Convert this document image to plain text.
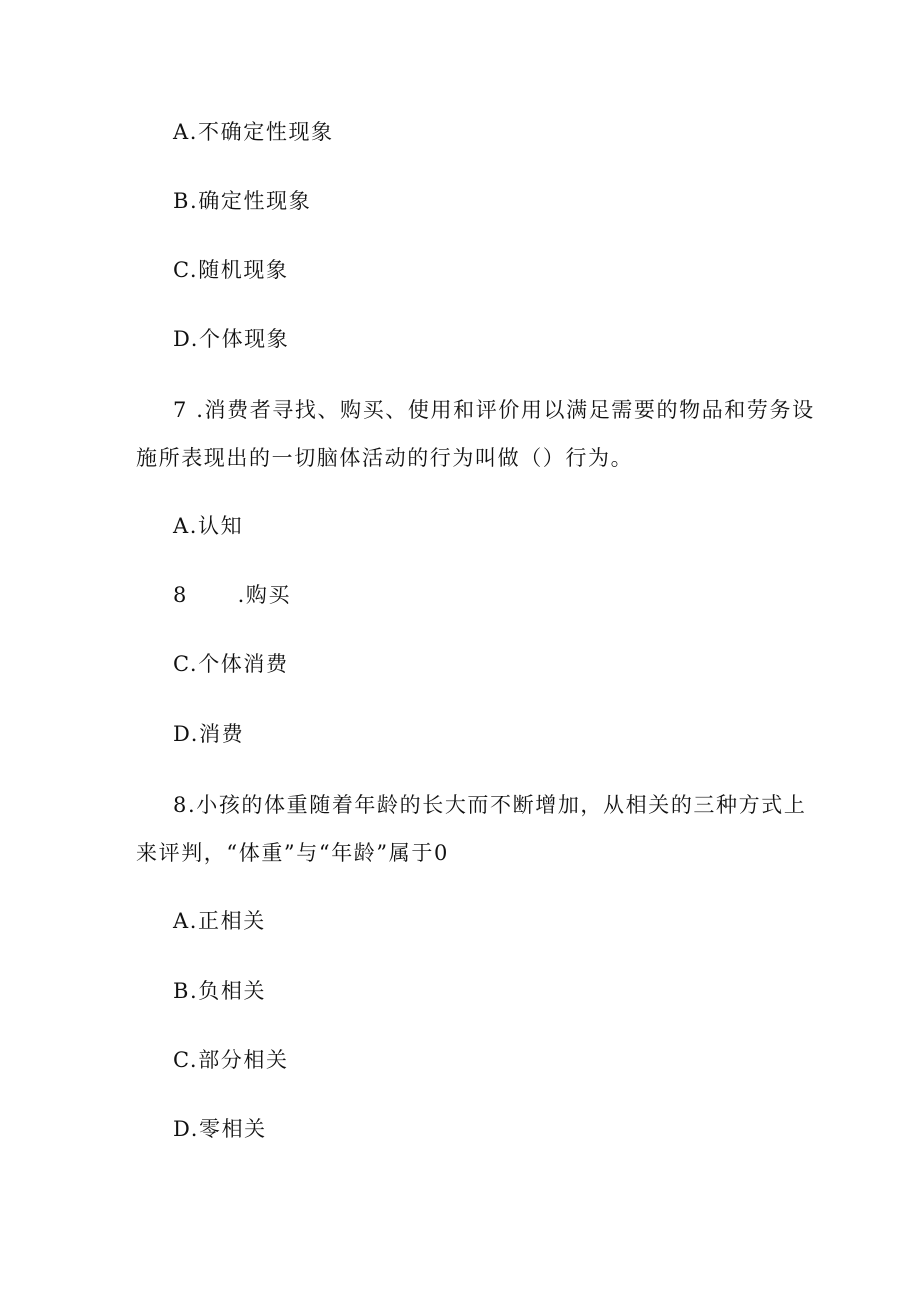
A.不确定性现象
B.确定性现象
C.随机现象
D.个体现象
7 .消费者寻找、购买、使用和评价用以满足需要的物品和劳务设
施所表现出的一切脑体活动的行为叫做（）行为。
A.认知
8      .购买
C.个体消费
D.消费
8.小孩的体重随着年龄的长大而不断增加，从相关的三种方式上
来评判，“体重”与“年龄”属于0
A.正相关
B.负相关
C.部分相关
D.零相关
